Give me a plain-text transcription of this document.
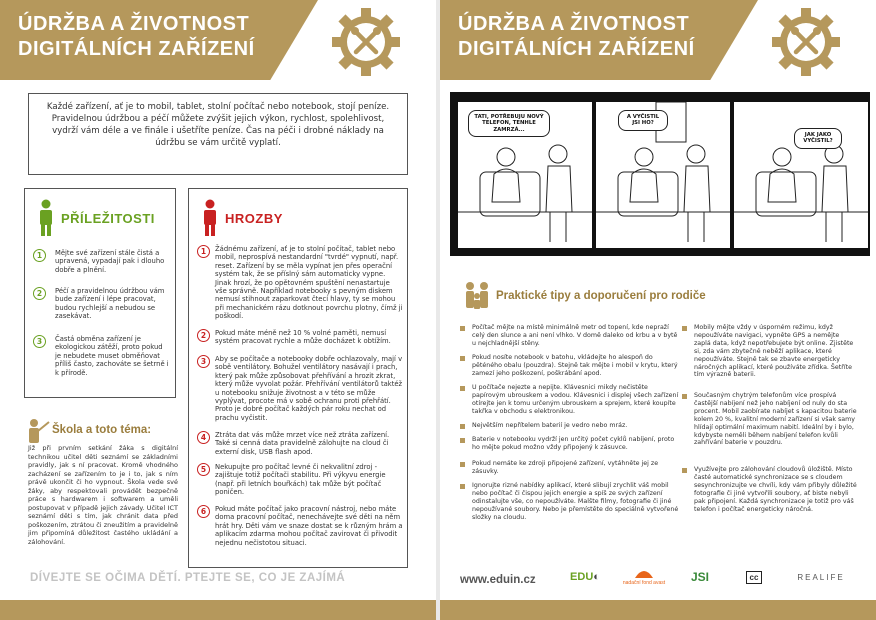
ÚDRŽBA A ŽIVOTNOST
DIGITÁLNÍCH ZAŘÍZENÍ
Každé zařízení, ať je to mobil, tablet, stolní počítač nebo notebook, stojí peníze. Pravidelnou údržbou a péčí můžete zvýšit jejich výkon, rychlost, spolehlivost, vydrží vám déle a ve finále i ušetříte peníze. Čas na péči i drobné náklady na údržbu se vám určitě vyplatí.
PŘÍLEŽITOSTI
1	Mějte své zařízení stále čistá a upravená, vypadají pak i dlouho dobře a plnění.
2	Péčí a pravidelnou údržbou vám bude zařízení i lépe pracovat, budou rychlejší a nebudou se zasekávat.
3	Častá obměna zařízení je ekologickou zátěží, proto pokud je nebudete muset obměňovat příliš často, zachováte se šetrně i k přírodě.
HROZBY
1	Žádnému zařízení, ať je to stolní počítač, tablet nebo mobil, neprospívá nestandardní "tvrdé" vypnutí, např. reset. Zařízení by se měla vypínat jen přes operační systém tak, že se příslný sám automaticky vypne. Jinak hrozí, že po opětovném spuštění nenastartuje vše správně. Například notebooky s pevným diskem nemusí stihnout zaparkovat čtecí hlavy, ty se mohou při mechanickém rázu dotknout povrchu plotny, čímž ji poškodí.
2	Pokud máte méně než 10 % volné paměti, nemusí systém pracovat rychle a může docházet k obtížím.
3	Aby se počítače a notebooky dobře ochlazovaly, mají v sobě ventilátory. Bohužel ventilátory nasávají i prach, který pak může způsobovat přehřívání a hrozit zkrat, který může vyvolat požár. Přehřívání ventilátorů taktéž u notebooku snižuje životnost a v této se může vyplývat, procote má v sobě ochranu proti přehřátí. Proto je dobré počítač každých pár roku nechat od prachu vyčistit.
4	Ztráta dat vás může mrzet více než ztráta zařízení. Také si cenná data pravidelně zálohujte na cloud či externí disk, USB flash apod.
5	Nekupujte pro počítač levné či nekvalitní zdroj - zajištuje totiž počítači stabilitu. Při výkyvu energie (např. při letních bouřkách) tak může být počítač poničen.
6	Pokud máte počítač jako pracovní nástroj, nebo máte doma pracovní počítač, nenechávejte své děti na něm hrát hry. Děti vám ve snaze dostat se k různým hrám a aplikacím zdarma mohou počítač zavirovat či přivodit nejednu nečistotou situaci.
Škola a toto téma:
Již při prvním setkání žáka s digitální technikou učitel děti seznámí se základními pravidly, jak s ní pracovat. Kromě vhodného zacházení se zařízením to je i to, jak s ním právě ukončit či ho vypnout. Škola vede své žáky, aby respektovali provádět bezpečně práce s hardwarem i softwarem a uměli postupovat v případě jejich závady. Učitel ICT seznámí děti s tím, jak chránit data před poškozením, ztrátou či zneužitím a pravidelně jim připomíná důležitost častého ukládání a zálohování.
DÍVEJTE SE OČIMA DĚTÍ. PTEJTE SE, CO JE ZAJÍMÁ
ÚDRŽBA A ŽIVOTNOST
DIGITÁLNÍCH ZAŘÍZENÍ
TATI, POTŘEBUJU NOVÝ TELEFON, TENHLE ZAMRZÁ...
A VYČISTIL JSI HO?
JAK JAKO VYČISTIL?
Praktické tipy a doporučení pro rodiče
Počítač mějte na místě minimálně metr od topení, kde nepraží celý den slunce a ani není vlhko. V domě daleko od krbu a v bytě u nejchladnější stěny.
Pokud nosíte notebook v batohu, vkládejte ho alespoň do pěténého obalu (pouzdra). Stejně tak mějte i mobil v krytu, který zamezí jeho poškození, poškrábání apod.
U počítače nejezte a nepijte. Klávesnici mikdy nečistěte papírovým ubrouskem a vodou. Klávesnici i displej všech zařízení otírejte jen k tomu určeným ubrouskem a sprejem, které koupíte takřka v obchodu s elektronikou.
Největším nepřítelem baterií je vedro nebo mráz.
Baterie v notebooku vydrží jen určitý počet cyklů nabíjení, proto ho mějte pokud možno vždy připojený k zásuvce.
Pokud nemáte ke zdroji připojené zařízení, vytáhněte jej ze zásuvky.
Ignorujte rizné nabídky aplikací, které slibují zrychlit váš mobil nebo počítač či čispou jejich energie a spíš ze svých zařízení odinstalujte vše, co nepoužíváte. Malšte filmy, fotografie či jiné nepoužívané soubory. Nebo je přemístěte do speciálně vytvořené složky na cloudu.
Mobily mějte vždy v úsporném režimu, když nepoužíváte navigaci, vypněte GPS a nemějte zaplá data, když nepotřebujete být online. Zjistěte si, zda vám zbytečně neběží aplikace, které nepoužíváte. Stejně tak se zbavte energeticky náročných aplikací, které používáte zřídka. Šetříte tím výrazně baterii.
Současným chytrým telefonům více prospívá častější nabíjení než jeho nabíjení od nuly do sta procent. Mobil zaobírate nabíjet s kapacitou baterie kolem 20 %, kvalitní moderní zařízení si však samy hlídají optimální maximum nabití. Ideální by i bylo, kdybyste neměli během nabíjení telefon kvůli zahřívání baterie v pouzdru.
Využívejte pro zálohování cloudovů úložiště. Místo časté automatické synchronizace se s cloudem sesynchronizujte ve chvíli, kdy vám přibyly důležité fotografie či jiné vytvořili soubory, ať biste nebyli pak připojení. Každá synchronizace je totiž pro váš telefon i počítač energeticky náročná.
www.eduin.cz	EDU ◐	nadační fond avast JSI	cc	REALIFE
